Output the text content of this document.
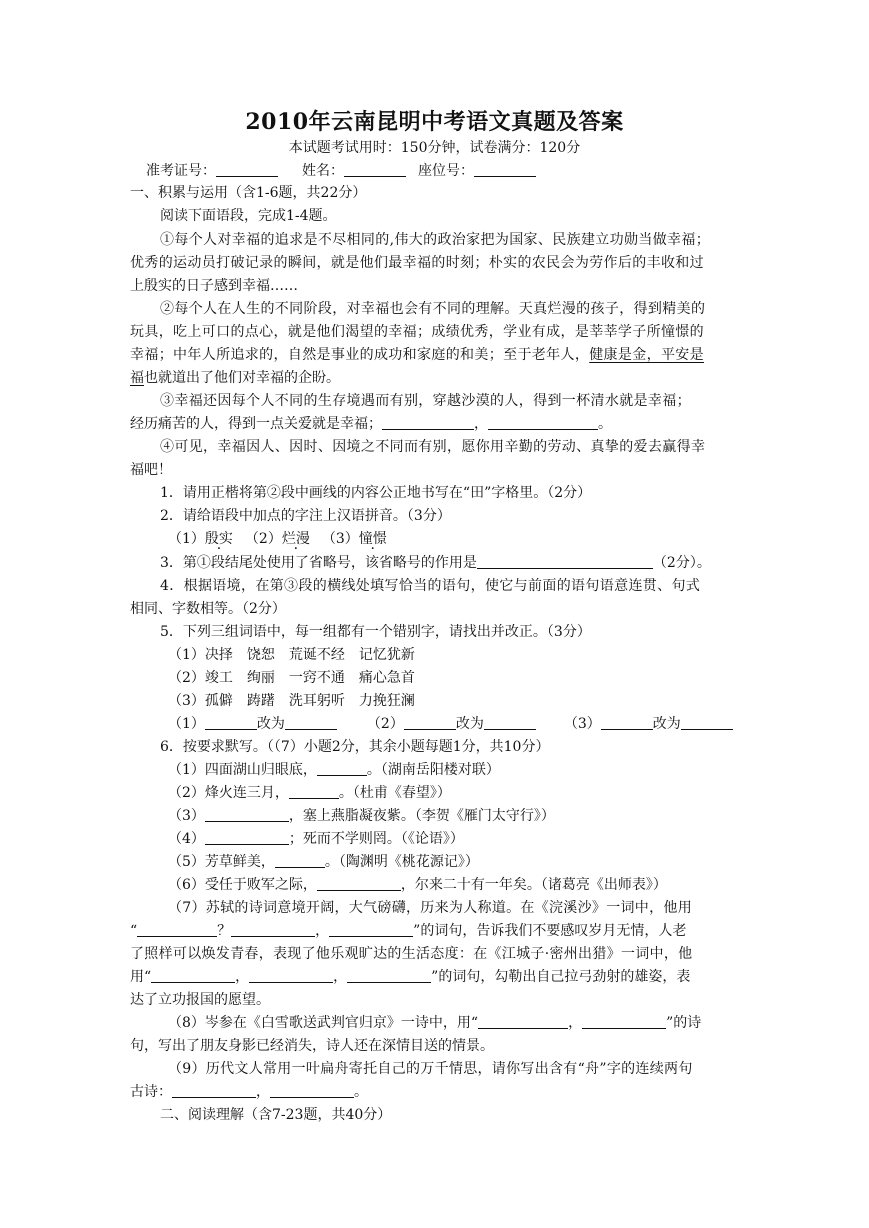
2010年云南昆明中考语文真题及答案
本试题考试用时：150分钟，试卷满分：120分
准考证号：	姓名：	座位号：
一、积累与运用（含1-6题，共22分）
阅读下面语段，完成1-4题。
①每个人对幸福的追求是不尽相同的,伟大的政治家把为国家、民族建立功勋当做幸福；
优秀的运动员打破记录的瞬间，就是他们最幸福的时刻；朴实的农民会为劳作后的丰收和过
上殷实的日子感到幸福……
②每个人在人生的不同阶段，对幸福也会有不同的理解。天真烂漫的孩子，得到精美的
玩具，吃上可口的点心，就是他们渴望的幸福；成绩优秀，学业有成，是莘莘学子所憧憬的
幸福；中年人所追求的，自然是事业的成功和家庭的和美；至于老年人，健康是金，平安是
福也就道出了他们对幸福的企盼。
③幸福还因每个人不同的生存境遇而有别，穿越沙漠的人，得到一杯清水就是幸福；
经历痛苦的人，得到一点关爱就是幸福；	，	。
④可见，幸福因人、因时、因境之不同而有别，愿你用辛勤的劳动、真挚的爱去赢得幸
福吧！
1．请用正楷将第②段中画线的内容公正地书写在“田”字格里。（2分）
2．请给语段中加点的字注上汉语拼音。（3分）
（1）殷实 （2）烂漫 （3）憧憬
3．第①段结尾处使用了省略号，该省略号的作用是	（2分）。
4．根据语境，在第③段的横线处填写恰当的语句，使它与前面的语句语意连贯、句式
相同、字数相等。（2分）
5．下列三组词语中，每一组都有一个错别字，请找出并改正。（3分）
（1）决择　饶恕　荒诞不经　记忆犹新
（2）竣工　绚丽　一窍不通　痛心急首
（3）孤僻　踌躇　洗耳躬听　力挽狂澜
（1）	改为	（2）	改为	（3）	改为
6．按要求默写。（（7）小题2分，其余小题每题1分，共10分）
（1）四面湖山归眼底，	。（湖南岳阳楼对联）
（2）烽火连三月，	。（杜甫《春望》）
（3）	，塞上燕脂凝夜紫。（李贺《雁门太守行》）
（4）	；死而不学则罔。（《论语》）
（5）芳草鲜美，	。（陶渊明《桃花源记》）
（6）受任于败军之际，	，尔来二十有一年矣。（诸葛亮《出师表》）
（7）苏轼的诗词意境开阔，大气磅礴，历来为人称道。在《浣溪沙》一词中，他用
“	？	，	”的词句，告诉我们不要感叹岁月无情，人老
了照样可以焕发青春，表现了他乐观旷达的生活态度：在《江城子·密州出猎》一词中，他
用“	，	，	”的词句，勾勒出自己拉弓劲射的雄姿，表
达了立功报国的愿望。
（8）岑参在《白雪歌送武判官归京》一诗中，用“	，	”的诗
句，写出了朋友身影已经消失，诗人还在深情目送的情景。
（9）历代文人常用一叶扁舟寄托自己的万千情思，请你写出含有“舟”字的连续两句
古诗：	，	。
二、阅读理解（含7-23题，共40分）
